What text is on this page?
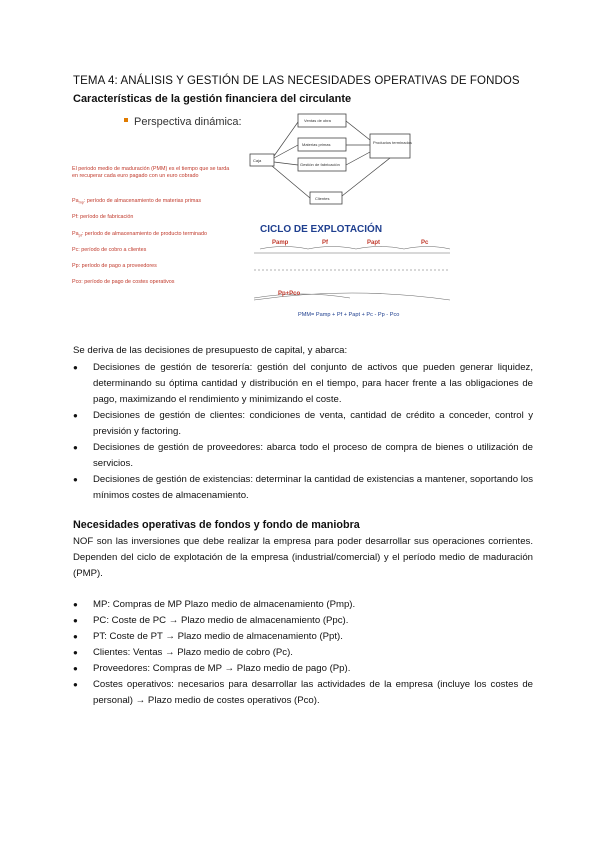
TEMA 4: ANÁLISIS Y GESTIÓN DE LAS NECESIDADES OPERATIVAS DE FONDOS
Características de la gestión financiera del circulante
Perspectiva dinámica:
Caja
Ventas de obra
Materias primas
Gestión de fabricación
Productos terminados
Clientes
El periodo medio de maduración (PMM) es el tiempo que se tarda en recuperar cada euro pagado con un euro cobrado
$Pa_{mp}$: período de almacenamiento de materias primas
Pf: período de fabricación
$Pa_{pt}$: período de almacenamiento de producto terminado
Pc: período de cobro a clientes
Pp: período de pago a proveedores
Pco: período de pago de costes operativos
CICLO DE EXPLOTACIÓN
Pamp	Pf	Papt	Pc
Pp+Pco
PMM= Pamp + Pf + Papt + Pc - Pp - Pco
Se deriva de las decisiones de presupuesto de capital, y abarca:
● Decisiones de gestión de tesorería: gestión del conjunto de activos que pueden generar liquidez, determinando su óptima cantidad y distribución en el tiempo, para hacer frente a las obligaciones de pago, maximizando el rendimiento y minimizando el coste.
● Decisiones de gestión de clientes: condiciones de venta, cantidad de crédito a conceder, control y previsión y factoring.
● Decisiones de gestión de proveedores: abarca todo el proceso de compra de bienes o utilización de servicios.
● Decisiones de gestión de existencias: determinar la cantidad de existencias a mantener, soportando los mínimos costes de almacenamiento.
Necesidades operativas de fondos y fondo de maniobra
NOF son las inversiones que debe realizar la empresa para poder desarrollar sus operaciones corrientes. Dependen del ciclo de explotación de la empresa (industrial/comercial) y el período medio de maduración (PMP).
● MP: Compras de MP Plazo medio de almacenamiento (Pmp).
● PC: Coste de PC → Plazo medio de almacenamiento (Ppc).
● PT: Coste de PT → Plazo medio de almacenamiento (Ppt).
● Clientes: Ventas → Plazo medio de cobro (Pc).
● Proveedores: Compras de MP → Plazo medio de pago (Pp).
● Costes operativos: necesarios para desarrollar las actividades de la empresa (incluye los costes de personal) → Plazo medio de costes operativos (Pco).
